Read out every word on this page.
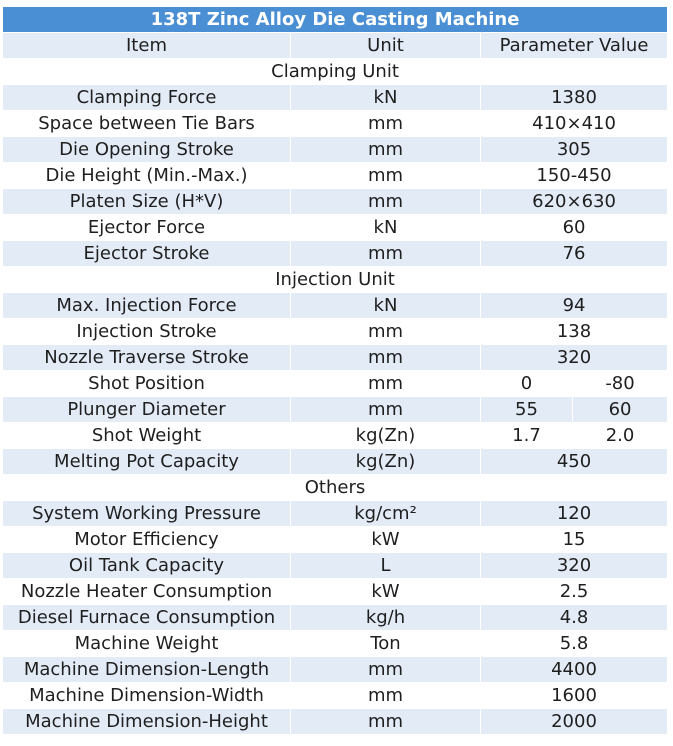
138T Zinc Alloy Die Casting Machine			
Item	Unit	Parameter Value	
Clamping Unit			
Clamping Force	kN	1380	
Space between Tie Bars	mm	410×410	
Die Opening Stroke	mm	305	
Die Height (Min.-Max.)	mm	150-450	
Platen Size (H*V)	mm	620×630	
Ejector Force	kN	60	
Ejector Stroke	mm	76	
Injection Unit			
Max. Injection Force	kN	94	
Injection Stroke	mm	138	
Nozzle Traverse Stroke	mm	320	
Shot Position	mm	0	-80
Plunger Diameter	mm	55	60
Shot Weight	kg(Zn)	1.7	2.0
Melting Pot Capacity	kg(Zn)	450	
Others			
System Working Pressure	kg/cm²	120	
Motor Efficiency	kW	15	
Oil Tank Capacity	L	320	
Nozzle Heater Consumption	kW	2.5	
Diesel Furnace Consumption	kg/h	4.8	
Machine Weight	Ton	5.8	
Machine Dimension-Length	mm	4400	
Machine Dimension-Width	mm	1600	
Machine Dimension-Height	mm	2000	
